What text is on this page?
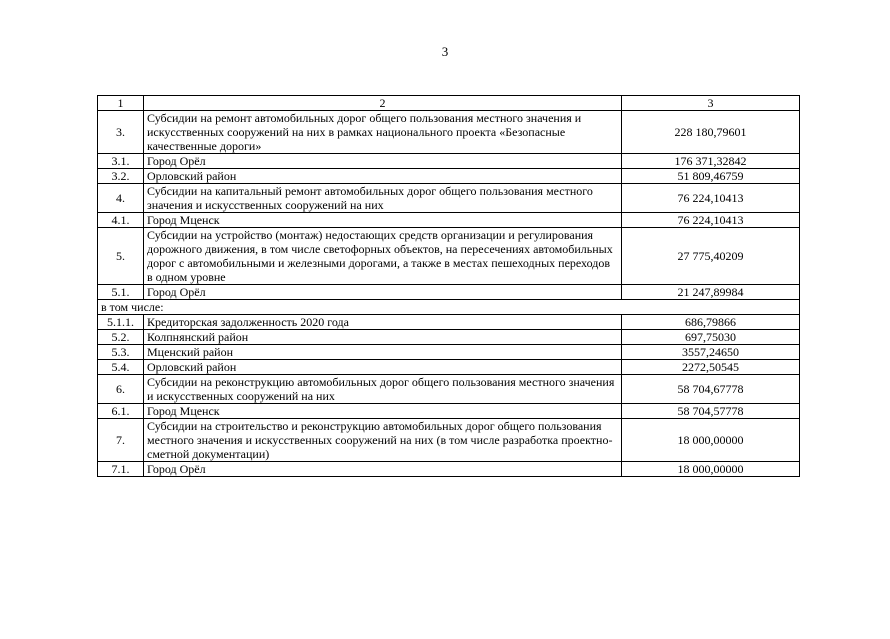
3
1	2	3
3.	Субсидии на ремонт автомобильных дорог общего пользования местного значения и искусственных сооружений на них в рамках национального проекта «Безопасные качественные дороги»	228 180,79601
3.1.	Город Орёл	176 371,32842
3.2.	Орловский район	51 809,46759
4.	Субсидии на капитальный ремонт автомобильных дорог общего пользования местного значения и искусственных сооружений на них	76 224,10413
4.1.	Город Мценск	76 224,10413
5.	Субсидии на устройство (монтаж) недостающих средств организации и регулирования дорожного движения, в том числе светофорных объектов, на пересечениях автомобильных дорог с автомобильными и железными дорогами, а также в местах пешеходных переходов в одном уровне	27 775,40209
5.1.	Город Орёл	21 247,89984
в том числе:		
5.1.1.	Кредиторская задолженность 2020 года	686,79866
5.2.	Колпнянский район	697,75030
5.3.	Мценский район	3557,24650
5.4.	Орловский район	2272,50545
6.	Субсидии на реконструкцию автомобильных дорог общего пользования местного значения и искусственных сооружений на них	58 704,67778
6.1.	Город Мценск	58 704,57778
7.	Субсидии на строительство и реконструкцию автомобильных дорог общего пользования местного значения и искусственных сооружений на них (в том числе разработка проектно-сметной документации)	18 000,00000
7.1.	Город Орёл	18 000,00000
